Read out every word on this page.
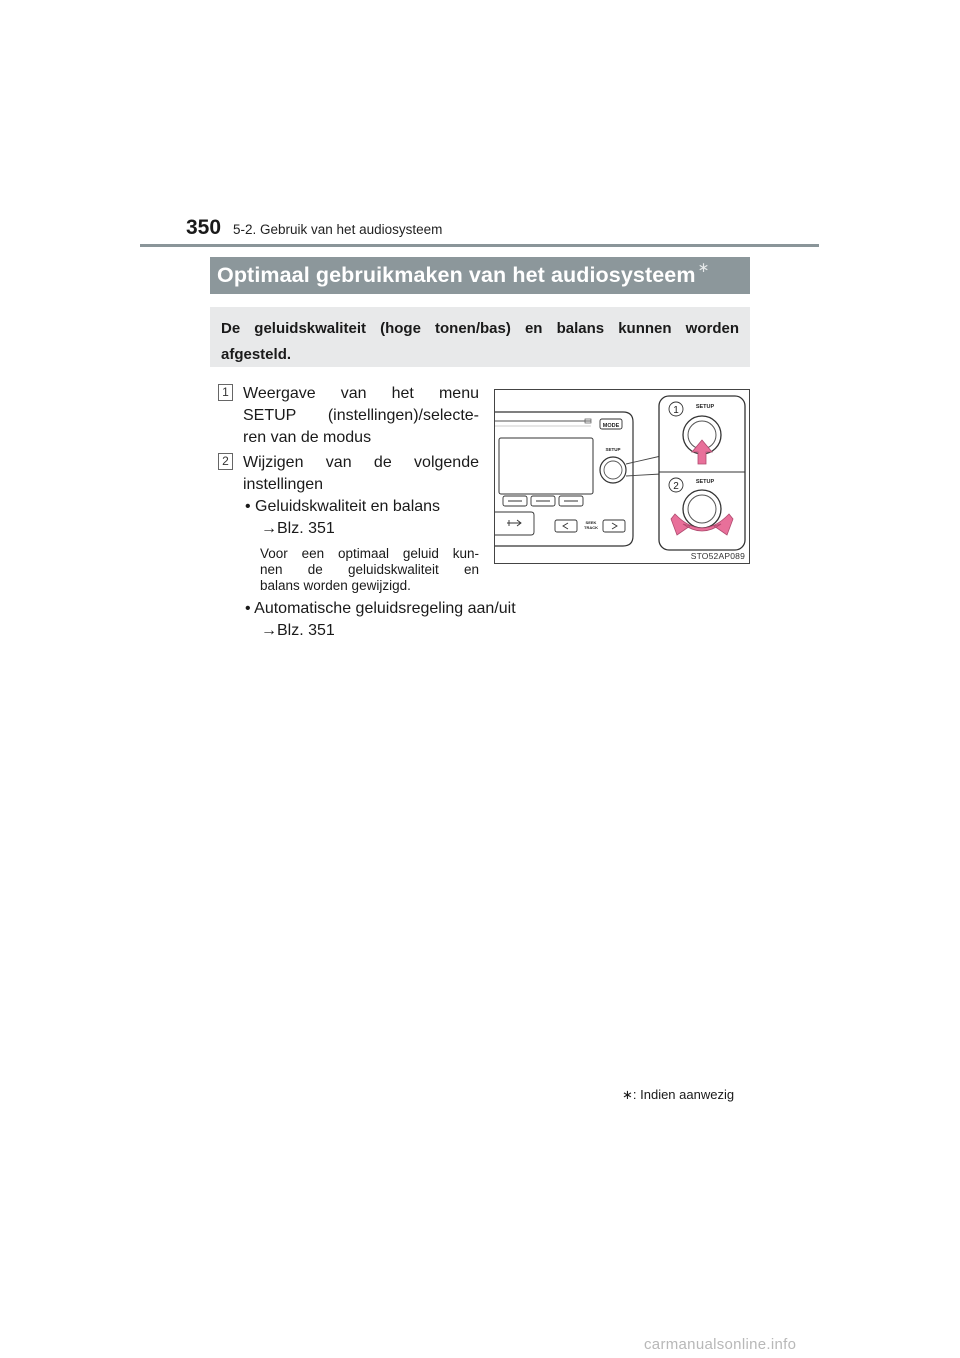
350 5-2. Gebruik van het audiosysteem
Optimaal gebruikmaken van het audiosysteem ∗
De geluidskwaliteit (hoge tonen/bas) en balans kunnen worden afgesteld.
1 Weergave van het menu
SETUP (instellingen)/selecte-
ren van de modus
2 Wijzigen van de volgende
instellingen
• Geluidskwaliteit en balans
→Blz. 351
Voor een optimaal geluid kun-
nen de geluidskwaliteit en
balans worden gewijzigd.
• Automatische geluidsregeling aan/uit
→Blz. 351
MODE
SETUP
SEEK
TRACK
1	SETUP
2	SETUP
STO52AP089
∗: Indien aanwezig
carmanualsonline.info
